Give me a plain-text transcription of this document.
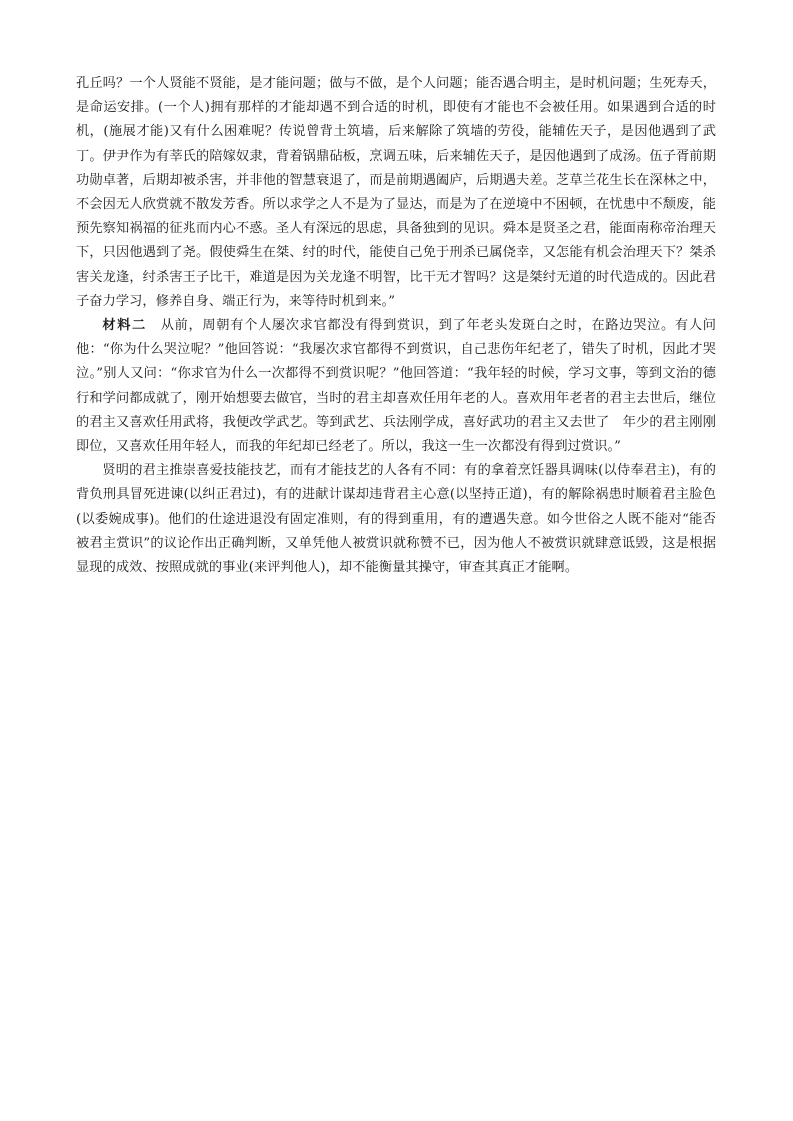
孔丘吗？一个人贤能不贤能，是才能问题；做与不做，是个人问题；能否遇合明主，是时机问题；生死寿夭，是命运安排。(一个人)拥有那样的才能却遇不到合适的时机，即使有才能也不会被任用。如果遇到合适的时机，(施展才能)又有什么困难呢？传说曾背土筑墙，后来解除了筑墙的劳役，能辅佐天子，是因他遇到了武丁。伊尹作为有莘氏的陪嫁奴隶，背着锅鼎砧板，烹调五味，后来辅佐天子，是因他遇到了成汤。伍子胥前期功勋卓著，后期却被杀害，并非他的智慧衰退了，而是前期遇阖庐，后期遇夫差。芝草兰花生长在深林之中，不会因无人欣赏就不散发芳香。所以求学之人不是为了显达，而是为了在逆境中不困顿，在忧患中不颓废，能预先察知祸福的征兆而内心不惑。圣人有深远的思虑，具备独到的见识。舜本是贤圣之君，能面南称帝治理天下，只因他遇到了尧。假使舜生在桀、纣的时代，能使自己免于刑杀已属侥幸，又怎能有机会治理天下？桀杀害关龙逢，纣杀害王子比干，难道是因为关龙逢不明智，比干无才智吗？这是桀纣无道的时代造成的。因此君子奋力学习，修养自身、端正行为，来等待时机到来。”

材料二　 从前，周朝有个人屡次求官都没有得到赏识，到了年老头发斑白之时，在路边哭泣。有人问他：“你为什么哭泣呢？”他回答说：“我屡次求官都得不到赏识，自己悲伤年纪老了，错失了时机，因此才哭泣。”别人又问：“你求官为什么一次都得不到赏识呢？”他回答道：“我年轻的时候，学习文事，等到文治的德行和学问都成就了，刚开始想要去做官，当时的君主却喜欢任用年老的人。喜欢用年老者的君主去世后，继位的君主又喜欢任用武将，我便改学武艺。等到武艺、兵法刚学成，喜好武功的君主又去世了　年少的君主刚刚即位，又喜欢任用年轻人，而我的年纪却已经老了。所以，我这一生一次都没有得到过赏识。”

贤明的君主推崇喜爱技能技艺，而有才能技艺的人各有不同：有的拿着烹饪器具调味(以侍奉君主)，有的背负刑具冒死进谏(以纠正君过)，有的进献计谋却违背君主心意(以坚持正道)，有的解除祸患时顺着君主脸色(以委婉成事)。他们的仕途进退没有固定准则，有的得到重用，有的遭遇失意。如今世俗之人既不能对“能否被君主赏识”的议论作出正确判断，又单凭他人被赏识就称赞不已，因为他人不被赏识就肆意诋毁，这是根据显现的成效、按照成就的事业(来评判他人)，却不能衡量其操守，审查其真正才能啊。
